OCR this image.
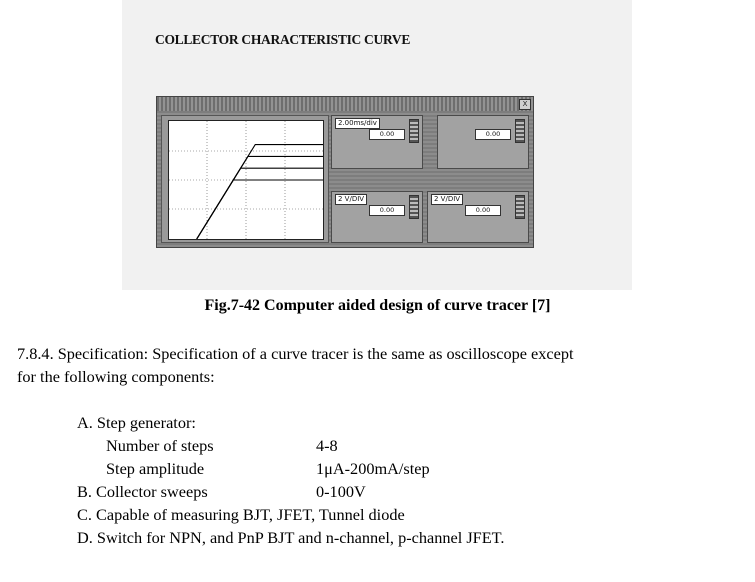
COLLECTOR CHARACTERISTIC CURVE
X
2.00ms/div
0.00	0.00
2 V/DIV
0.00
2 V/DIV
0.00
Fig.7-42 Computer aided design of curve tracer [7]
7.8.4. Specification: Specification of a curve tracer is the same as oscilloscope except
for the following components:
A. Step generator:
Number of steps	4-8
Step amplitude	1μA-200mA/step
B. Collector sweeps	0-100V
C. Capable of measuring BJT, JFET, Tunnel diode
D. Switch for NPN, and PnP BJT and n-channel, p-channel JFET.
